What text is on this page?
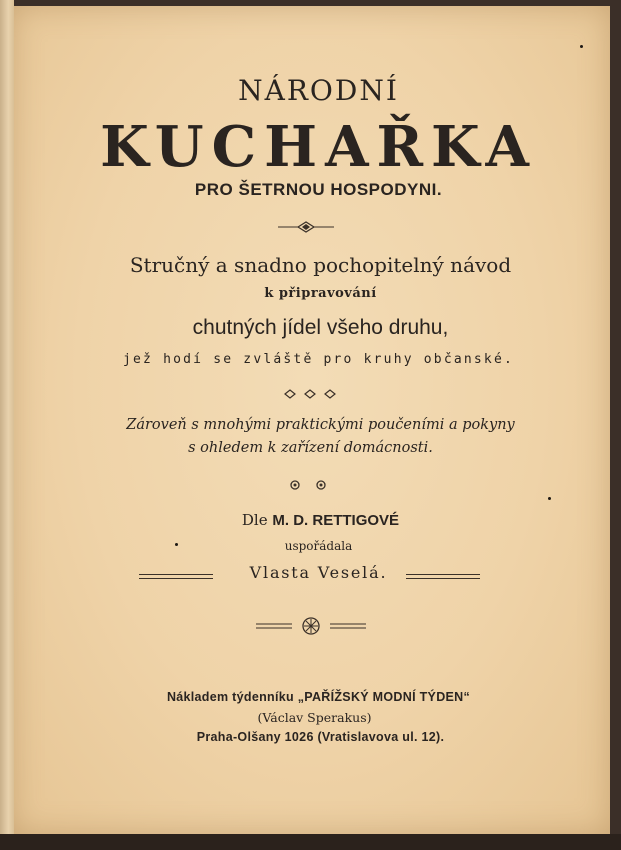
NÁRODNÍ
KUCHAŘKA
PRO ŠETRNOU HOSPODYNI.
Stručný a snadno pochopitelný návod
k připravování
chutných jídel všeho druhu,
jež hodí se zvláště pro kruhy občanské.
Zároveň s mnohými praktickými poučeními a pokyny
s ohledem k zařízení domácnosti.
Dle M. D. RETTIGOVÉ
uspořádala
Vlasta Veselá.
Nákladem týdenníku „PAŘÍŽSKÝ MODNÍ TÝDEN“
(Václav Sperakus)
Praha-Olšany 1026 (Vratislavova ul. 12).
